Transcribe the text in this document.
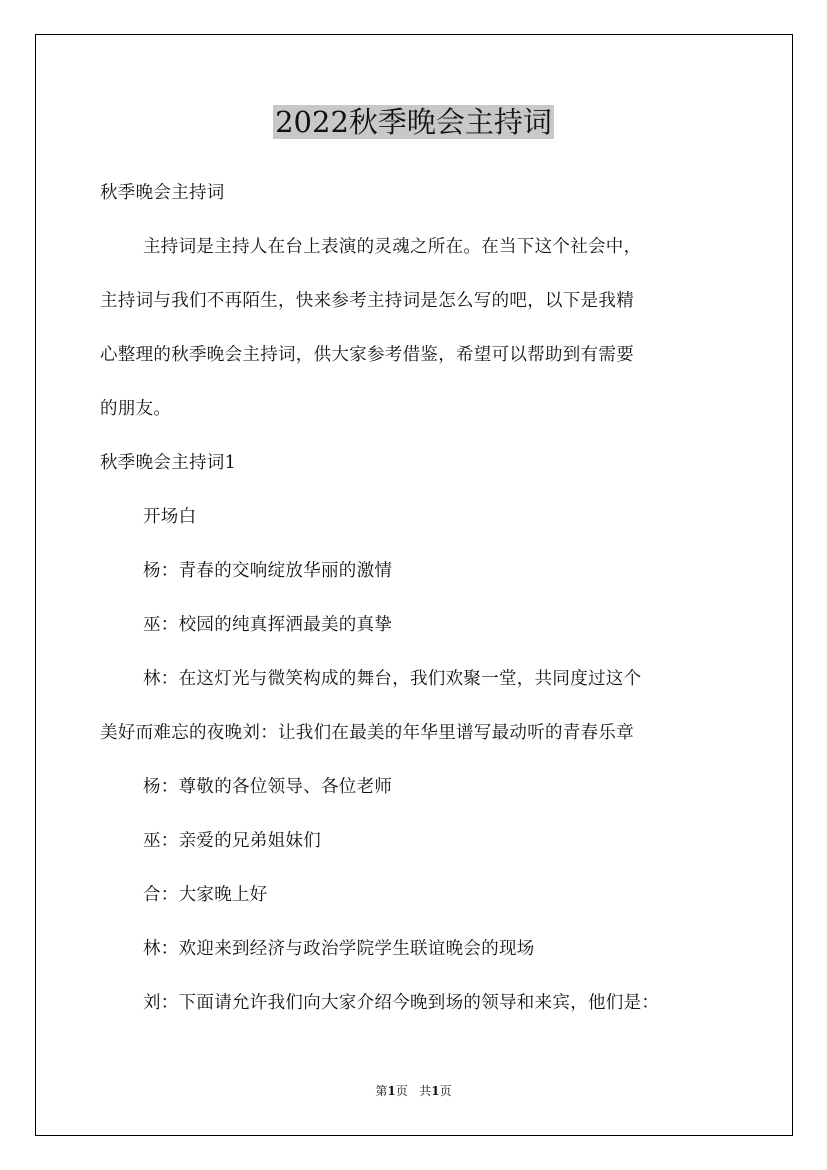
2022秋季晚会主持词
秋季晚会主持词
主持词是主持人在台上表演的灵魂之所在。在当下这个社会中，
主持词与我们不再陌生，快来参考主持词是怎么写的吧，以下是我精
心整理的秋季晚会主持词，供大家参考借鉴，希望可以帮助到有需要
的朋友。
秋季晚会主持词1
开场白
杨：青春的交响绽放华丽的激情
巫：校园的纯真挥洒最美的真挚
林：在这灯光与微笑构成的舞台，我们欢聚一堂，共同度过这个
美好而难忘的夜晚刘：让我们在最美的年华里谱写最动听的青春乐章
杨：尊敬的各位领导、各位老师
巫：亲爱的兄弟姐妹们
合：大家晚上好
林：欢迎来到经济与政治学院学生联谊晚会的现场
刘：下面请允许我们向大家介绍今晚到场的领导和来宾，他们是：
第1页   共1页
